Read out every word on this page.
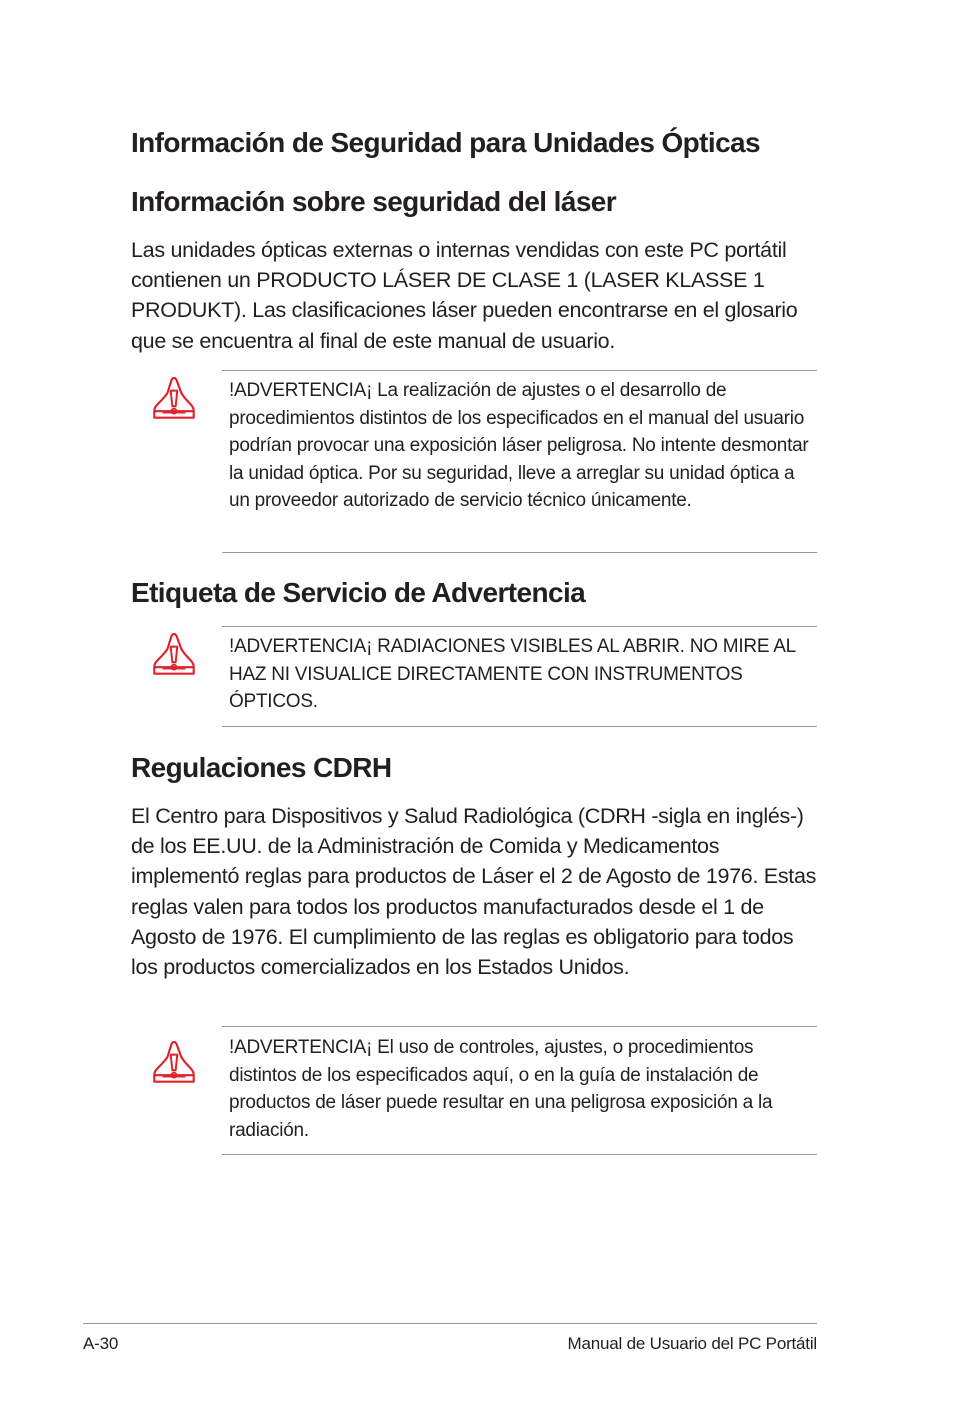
Información de Seguridad para Unidades Ópticas
Información sobre seguridad del láser

Las unidades ópticas externas o internas vendidas con este PC portátil contienen un PRODUCTO LÁSER DE CLASE 1 (LASER KLASSE 1 PRODUKT). Las clasificaciones láser pueden encontrarse en el glosario que se encuentra al final de este manual de usuario.

!ADVERTENCIA¡ La realización de ajustes o el desarrollo de procedimientos distintos de los especificados en el manual del usuario podrían provocar una exposición láser peligrosa. No intente desmontar la unidad óptica. Por su seguridad, lleve a arreglar su unidad óptica a un proveedor autorizado de servicio técnico únicamente.

Etiqueta de Servicio de Advertencia

!ADVERTENCIA¡ RADIACIONES VISIBLES AL ABRIR. NO MIRE AL HAZ NI VISUALICE DIRECTAMENTE CON INSTRUMENTOS ÓPTICOS.

Regulaciones CDRH

El Centro para Dispositivos y Salud Radiológica (CDRH -sigla en inglés-) de los EE.UU. de la Administración de Comida y Medicamentos implementó reglas para productos de Láser el 2 de Agosto de 1976. Estas reglas valen para todos los productos manufacturados desde el 1 de Agosto de 1976. El cumplimiento de las reglas es obligatorio para todos los productos comercializados en los Estados Unidos.

!ADVERTENCIA¡ El uso de controles, ajustes, o procedimientos distintos de los especificados aquí, o en la guía de instalación de productos de láser puede resultar en una peligrosa exposición a la radiación.

A-30	Manual de Usuario del PC Portátil
